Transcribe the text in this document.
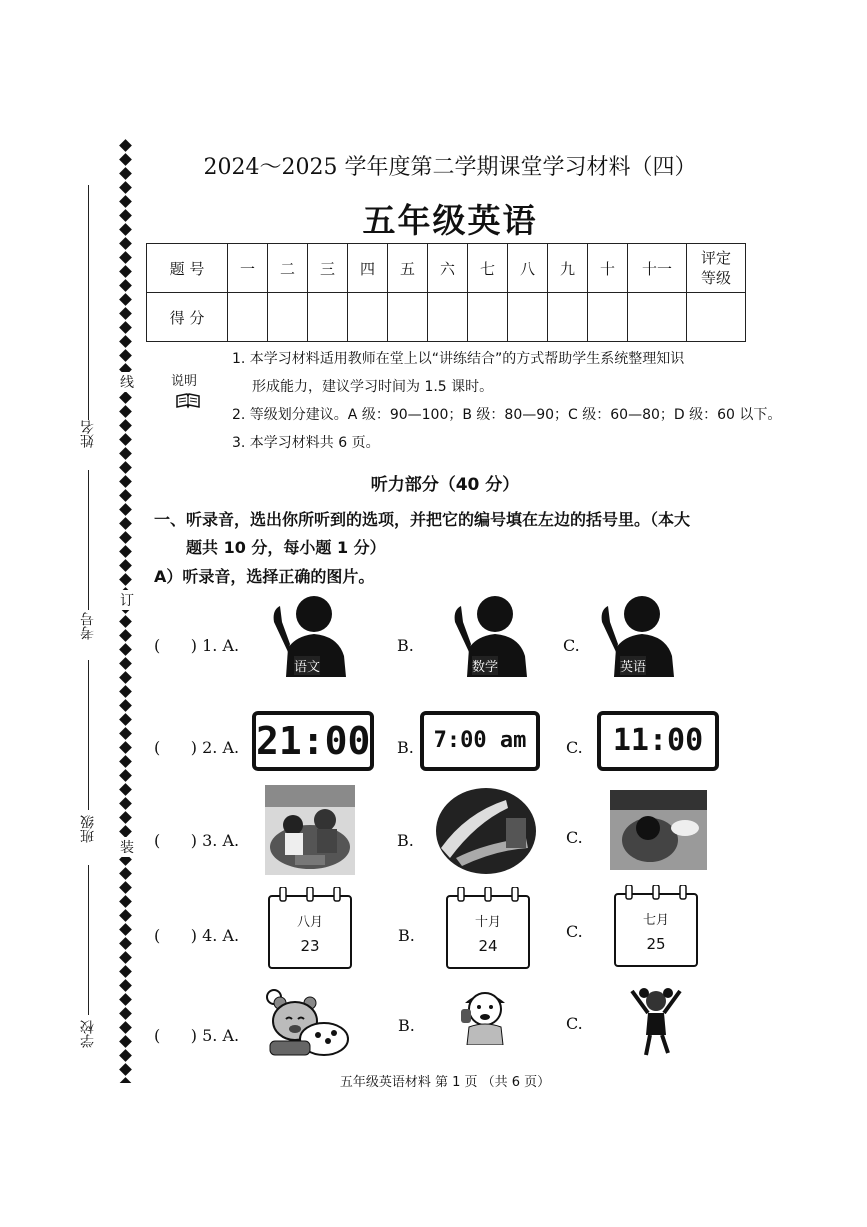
姓名
考号
班级
学校
线
订
装
2024～2025 学年度第二学期课堂学习材料（四）
五年级英语
题 号	一	二	三	四	五	六	七	八	九	十	十一	评定
等级
得 分												
说明
1. 本学习材料适用教师在堂上以“讲练结合”的方式帮助学生系统整理知识
形成能力，建议学习时间为 1.5 课时。
2. 等级划分建议。A 级：90—100；B 级：80—90；C 级：60—80；D 级：60 以下。
3. 本学习材料共 6 页。
听力部分（40 分）
一、听录音，选出你所听到的选项，并把它的编号填在左边的括号里。（本大
题共 10 分，每小题 1 分）
A）听录音，选择正确的图片。
(      ) 1. A.
语文
B.
数学
C.
英语
(      ) 2. A. 21:00 B. 7:00 am	C.	11:00
(      ) 3. A.	B.	C.
(      ) 4. A.
八月
23
B.
十月
24
C.
七月
25
(      ) 5. A.
B.	C.
五年级英语材料 第 1 页 （共 6 页）
